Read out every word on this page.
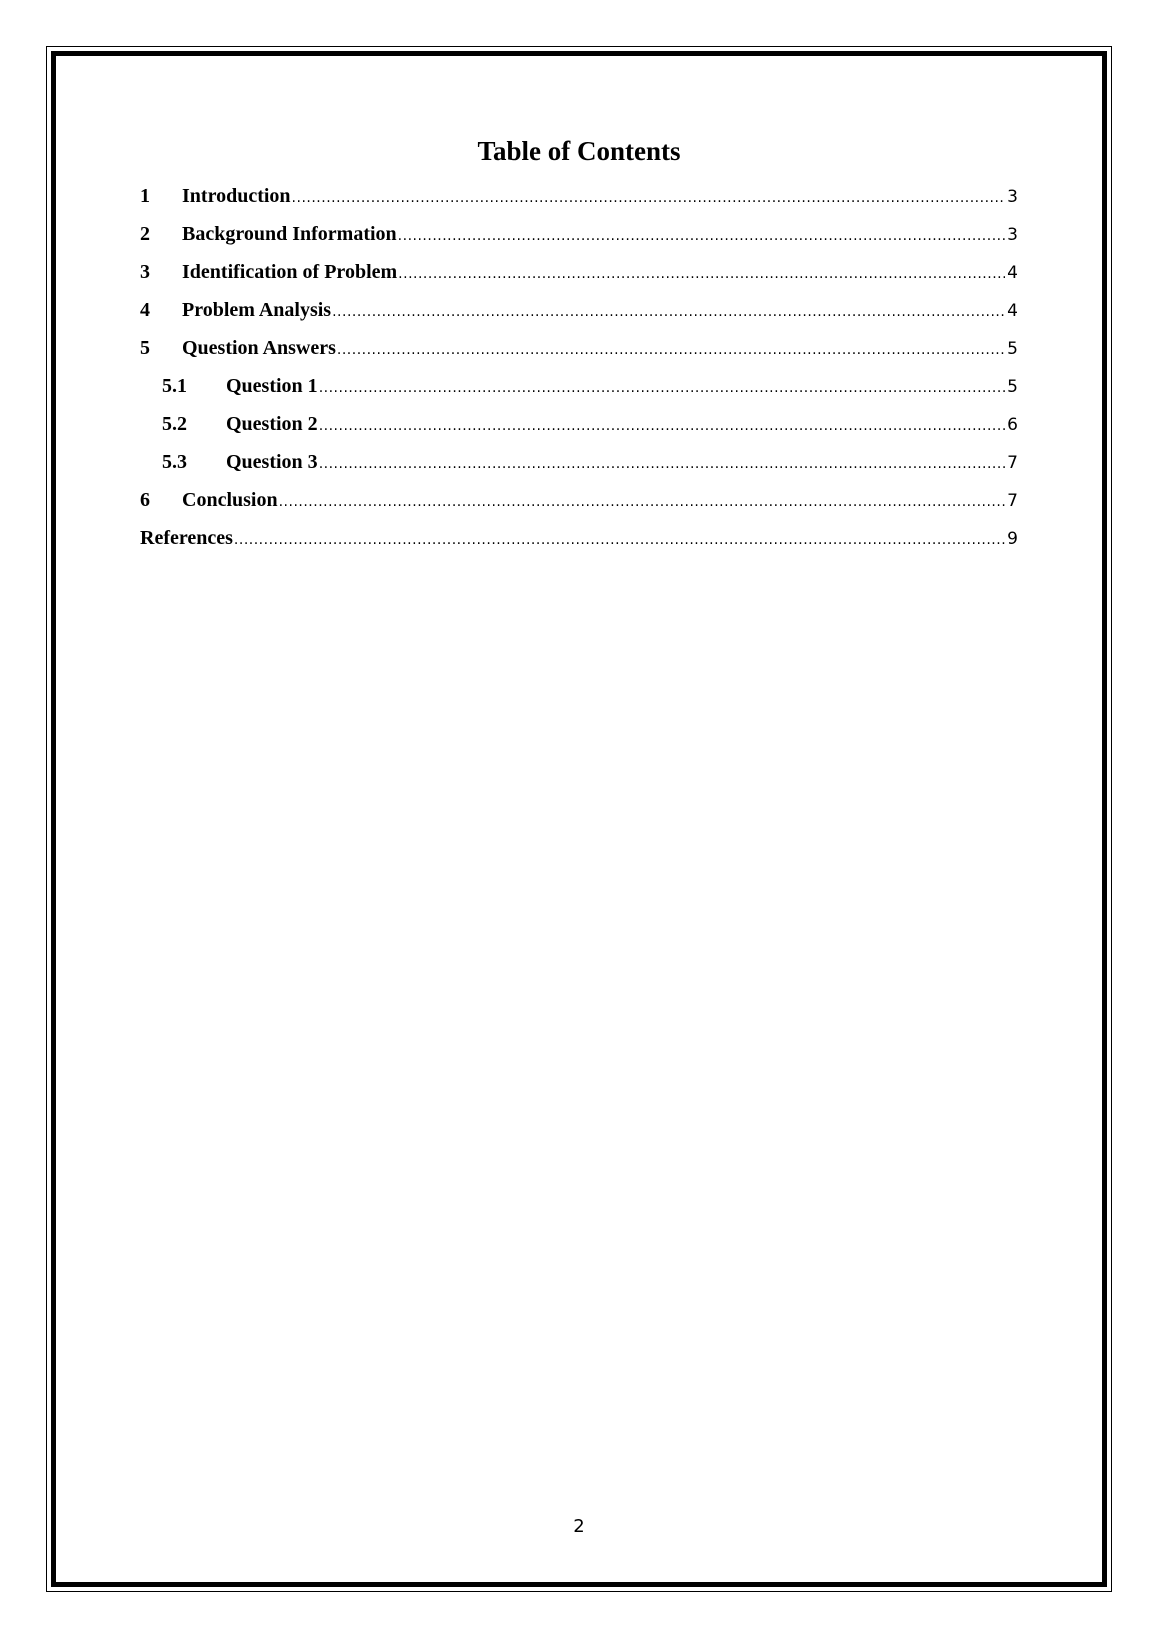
Table of Contents
1	Introduction .....	3
2	Background Information .....	3
3	Identification of Problem .....	4
4	Problem Analysis .....	4
5	Question Answers .....	5
5.1	Question 1 .....	5
5.2	Question 2 .....	6
5.3	Question 3 .....	7
6	Conclusion .....	7
References .....	9
2
